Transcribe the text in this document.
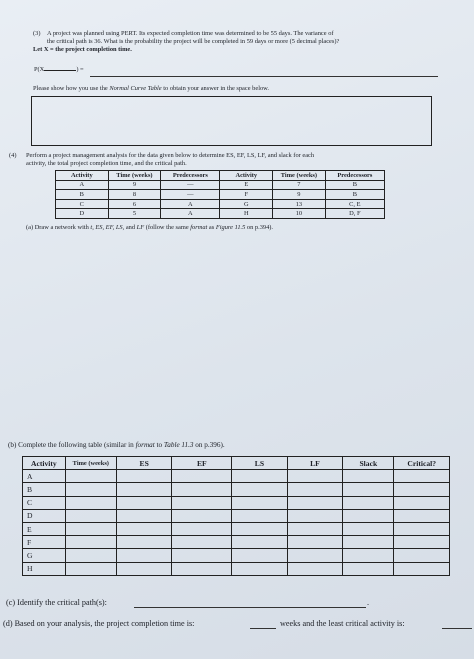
(3) A project was planned using PERT. Its expected completion time was determined to be 55 days. The variance of
the critical path is 36. What is the probability the project will be completed in 59 days or more (5 decimal places)?
Let X = the project completion time.
P(X	) =
Please show how you use the Normal Curve Table to obtain your answer in the space below.
(4) Perform a project management analysis for the data given below to determine ES, EF, LS, LF, and slack for each
activity, the total project completion time, and the critical path.
Activity	Time (weeks)	Predecessors	Activity	Time (weeks)	Predecessors
A	9	—	E	7	B
B	8	—	F	9	B
C	6	A	G	13	C, E
D	5	A	H	10	D, F
(a) Draw a network with t, ES, EF, LS, and LF (follow the same format as Figure 11.5 on p.394).
(b) Complete the following table (similar in format to Table 11.3 on p.396).
Activity	Time (weeks)	ES	EF	LS	LF	Slack	Critical?
A							
B							
C							
D							
E							
F							
G							
H							
(c) Identify the critical path(s):	.
(d) Based on your analysis, the project completion time is:	weeks and the least critical activity is:
